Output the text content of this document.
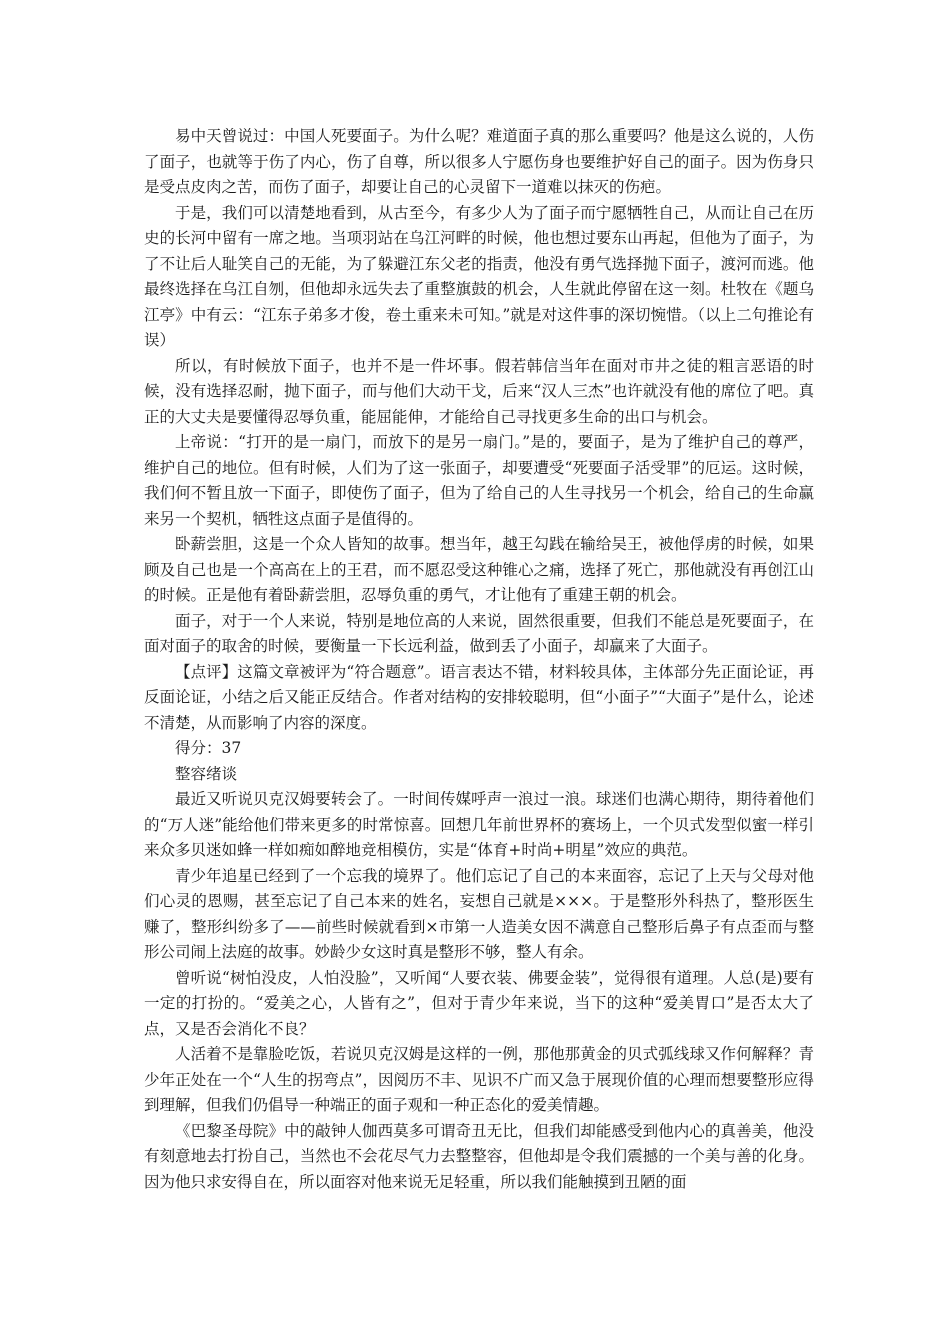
易中天曾说过：中国人死要面子。为什么呢？难道面子真的那么重要吗？他是这么说的，人伤了面子，也就等于伤了内心，伤了自尊，所以很多人宁愿伤身也要维护好自己的面子。因为伤身只是受点皮肉之苦，而伤了面子，却要让自己的心灵留下一道难以抹灭的伤疤。

于是，我们可以清楚地看到，从古至今，有多少人为了面子而宁愿牺牲自己，从而让自己在历史的长河中留有一席之地。当项羽站在乌江河畔的时候，他也想过要东山再起，但他为了面子，为了不让后人耻笑自己的无能，为了躲避江东父老的指责，他没有勇气选择抛下面子，渡河而逃。他最终选择在乌江自刎，但他却永远失去了重整旗鼓的机会，人生就此停留在这一刻。杜牧在《题乌江亭》中有云：“江东子弟多才俊，卷土重来未可知。”就是对这件事的深切惋惜。（以上二句推论有误）

所以，有时候放下面子，也并不是一件坏事。假若韩信当年在面对市井之徒的粗言恶语的时候，没有选择忍耐，抛下面子，而与他们大动干戈，后来“汉人三杰”也许就没有他的席位了吧。真正的大丈夫是要懂得忍辱负重，能屈能伸，才能给自己寻找更多生命的出口与机会。

上帝说：“打开的是一扇门，而放下的是另一扇门。”是的，要面子，是为了维护自己的尊严，维护自己的地位。但有时候，人们为了这一张面子，却要遭受“死要面子活受罪”的厄运。这时候，我们何不暂且放一下面子，即使伤了面子，但为了给自己的人生寻找另一个机会，给自己的生命赢来另一个契机，牺牲这点面子是值得的。

卧薪尝胆，这是一个众人皆知的故事。想当年，越王勾践在输给吴王，被他俘虏的时候，如果顾及自己也是一个高高在上的王君，而不愿忍受这种锥心之痛，选择了死亡，那他就没有再创江山的时候。正是他有着卧薪尝胆，忍辱负重的勇气，才让他有了重建王朝的机会。

面子，对于一个人来说，特别是地位高的人来说，固然很重要，但我们不能总是死要面子，在面对面子的取舍的时候，要衡量一下长远利益，做到丢了小面子，却赢来了大面子。

【点评】这篇文章被评为“符合题意”。语言表达不错，材料较具体，主体部分先正面论证，再反面论证，小结之后又能正反结合。作者对结构的安排较聪明，但“小面子”“大面子”是什么，论述不清楚，从而影响了内容的深度。

得分：37

整容绪谈

最近又听说贝克汉姆要转会了。一时间传媒呼声一浪过一浪。球迷们也满心期待，期待着他们的“万人迷”能给他们带来更多的时常惊喜。回想几年前世界杯的赛场上，一个贝式发型似蜜一样引来众多贝迷如蜂一样如痴如醉地竞相模仿，实是“体育+时尚+明星”效应的典范。

青少年追星已经到了一个忘我的境界了。他们忘记了自己的本来面容，忘记了上天与父母对他们心灵的恩赐，甚至忘记了自己本来的姓名，妄想自己就是×××。于是整形外科热了，整形医生赚了，整形纠纷多了——前些时候就看到×市第一人造美女因不满意自己整形后鼻子有点歪而与整形公司闹上法庭的故事。妙龄少女这时真是整形不够，整人有余。

曾听说“树怕没皮，人怕没脸”，又听闻“人要衣装、佛要金装”，觉得很有道理。人总(是)要有一定的打扮的。“爱美之心，人皆有之”，但对于青少年来说，当下的这种“爱美胃口”是否太大了点，又是否会消化不良？

人活着不是靠脸吃饭，若说贝克汉姆是这样的一例，那他那黄金的贝式弧线球又作何解释？青少年正处在一个“人生的拐弯点”，因阅历不丰、见识不广而又急于展现价值的心理而想要整形应得到理解，但我们仍倡导一种端正的面子观和一种正态化的爱美情趣。

《巴黎圣母院》中的敲钟人伽西莫多可谓奇丑无比，但我们却能感受到他内心的真善美，他没有刻意地去打扮自己，当然也不会花尽气力去整整容，但他却是令我们震撼的一个美与善的化身。因为他只求安得自在，所以面容对他来说无足轻重，所以我们能触摸到丑陋的面
